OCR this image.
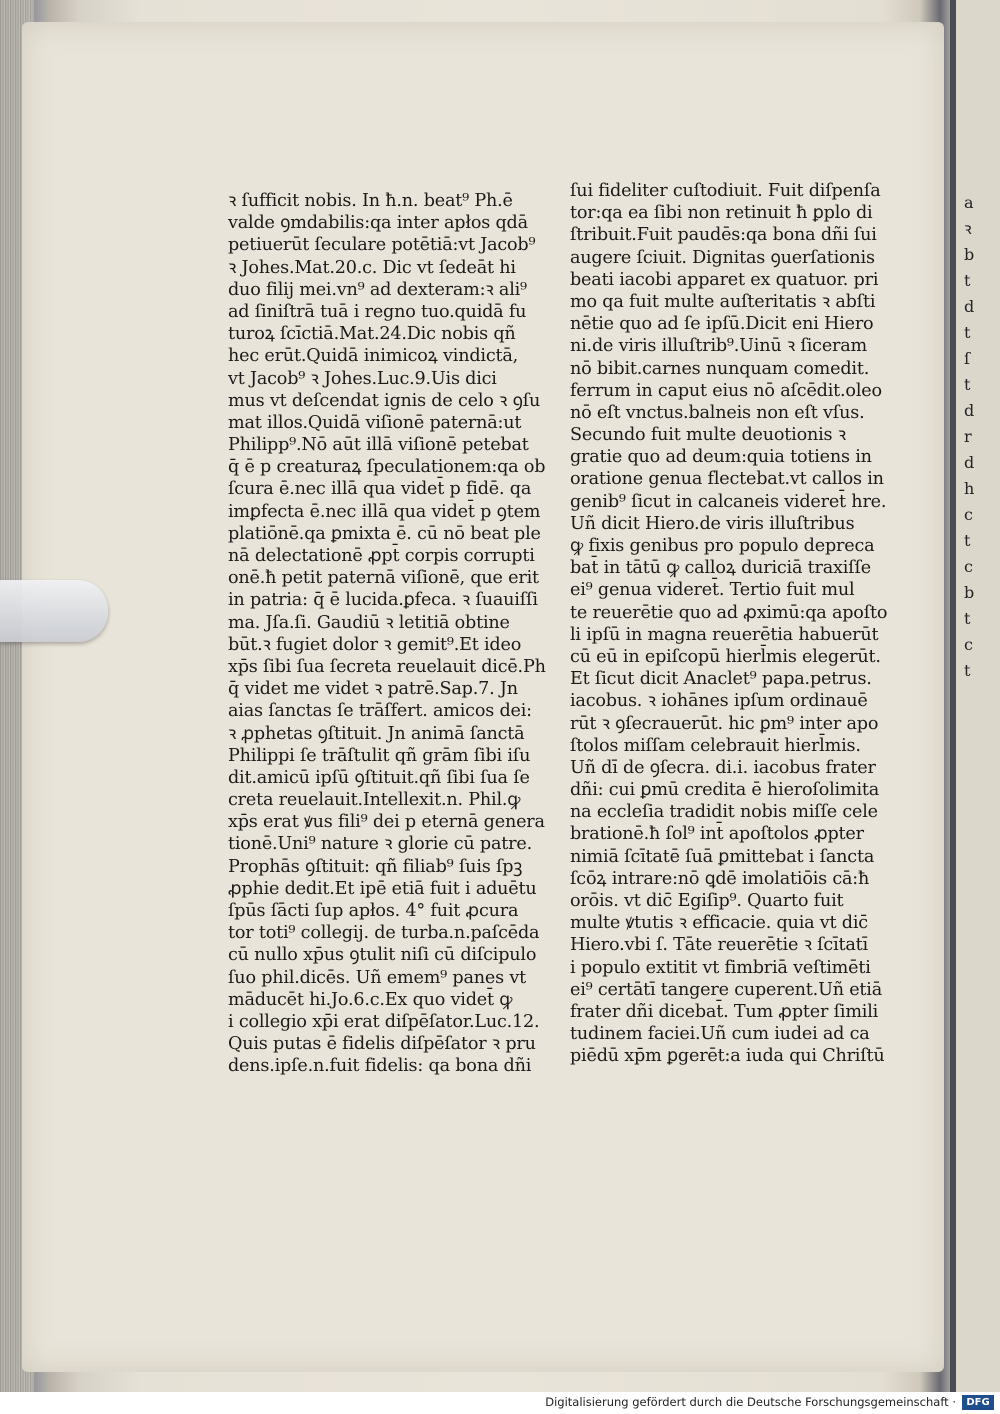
a
ꝛ
b
t
d
t
ſ
t
d
r
d
h
c
t
c
b
t
c
t
ꝛ ſufficit nobis. In ħ.n. beat⁹ Ph.ē
valde ꝯmdabilis:qa inter apłos qdā
petiuerūt ſeculare potētiā:vt Jacob⁹
ꝛ Johes.Mat.20.c. Dic vt ſedeāt hi
duo filij mei.vn⁹ ad dexteram:ꝛ ali⁹
ad ſiniſtrā tuā i regno tuo.quidā fu
turoꝝ ſcīctiā.Mat.24.Dic nobis qñ
hec erūt.Quidā inimicoꝝ vindictā,
vt Jacob⁹ ꝛ Johes.Luc.9.Uis dici
mus vt deſcendat ignis de celo ꝛ ꝯſu
mat illos.Quidā viſionē paternā:ut
Philipp⁹.Nō aūt illā viſionē petebat
q̄ ē p creaturaꝝ ſpeculationem:qa ob
ſcura ē.nec illā qua videt̄ p fidē. qa
imꝑfecta ē.nec illā qua videt̄ p ꝯtem
platiōnē.qa ꝑmixta ē. cū nō beat ple
nā delectationē ꝓpt̄ corpis corrupti
onē.ħ petit paternā viſionē, que erit
in patria: q̄ ē lucida.ꝑfeca. ꝛ ſuauiſſi
ma. Jſa.ſi. Gaudiū ꝛ letitiā obtine
būt.ꝛ fugiet dolor ꝛ gemit⁹.Et ideo
xp̄s ſibi ſua ſecreta reuelauit dicē.Ph
q̄ videt me videt ꝛ patrē.Sap.7. Jn
aias ſanctas ſe trāſfert. amicos dei:
ꝛ ꝓphetas ꝯſtituit. Jn animā ſanctā
Philippi ſe trāſtulit qñ grām ſibi iſu
dit.amicū ipſū ꝯſtituit.qñ ſibi ſua ſe
creta reuelauit.Intellexit.n. Phil.ꝙ
xp̄s erat ꝟus fili⁹ dei p eternā genera
tionē.Uni⁹ nature ꝛ glorie cū patre.
Prophās ꝯſtituit: qñ filiab⁹ ſuis ſpꝫ
ꝓphie dedit.Et ipē etiā fuit i aduētu
ſpūs ſācti ſup apłos. 4° fuit ꝓcura
tor toti⁹ collegij. de turba.n.paſcēda
cū nullo xp̄us ꝯtulit niſi cū diſcipulo
ſuo phil.dicēs. Uñ emem⁹ panes vt
māducēt hi.Jo.6.c.Ex quo videt̄ ꝙ
i collegio xp̄i erat diſpēſator.Luc.12.
Quis putas ē fidelis diſpēſator ꝛ pru
dens.ipſe.n.fuit fidelis: qa bona dñi
ſui fideliter cuſtodiuit. Fuit diſpenſa
tor:qa ea ſibi non retinuit ħ ꝑplo di
ſtribuit.Fuit paudēs:qa bona dñi ſui
augere ſciuit. Dignitas ꝯuerſationis
beati iacobi apparet ex quatuor. pri
mo qa fuit multe auſteritatis ꝛ abſti
nētie quo ad ſe ipſū.Dicit eni Hiero
ni.de viris illuſtrib⁹.Uinū ꝛ ſiceram
nō bibit.carnes nunquam comedit.
ferrum in caput eius nō aſcēdit.oleo
nō eſt vnctus.balneis non eſt vſus.
Secundo fuit multe deuotionis ꝛ
gratie quo ad deum:quia totiens in
oratione genua flectebat.vt callos in
genib⁹ ſicut in calcaneis videret̄ hre.
Uñ dicit Hiero.de viris illuſtribus
ꝙ fixis genibus pro populo depreca
bat̄ in tātū ꝙ calloꝝ duriciā traxiſſe
ei⁹ genua videret̄. Tertio fuit mul
te reuerētie quo ad ꝓximū:qa apoſto
li ipſū in magna reuerētia habuerūt
cū eū in epiſcopū hierl̄mis elegerūt.
Et ſicut dicit Anaclet⁹ papa.petrus.
iacobus. ꝛ iohānes ipſum ordinauē
rūt ꝛ ꝯſecrauerūt. hic ꝑm⁹ inter apo
ſtolos miſſam celebrauit hierl̄mis.
Uñ dī de ꝯſecra. di.i. iacobus frater
dñi: cui ꝑmū credita ē hieroſolimita
na eccleſia tradidit nobis miſſe cele
brationē.ħ ſol⁹ int̄ apoſtolos ꝓpter
nimiā ſcītatē ſuā ꝑmittebat i ſancta
ſcōꝝ intrare:nō ꝗdē imolatiōis cā:ħ
orōis. vt dic̄ Egiſip⁹. Quarto fuit
multe ꝟtutis ꝛ efficacie. quia vt dic̄
Hiero.vbi ſ. Tāte reuerētie ꝛ ſcītatī
i populo extitit vt fimbriā veſtimēti
ei⁹ certātī tangere cuperent.Uñ etiā
frater dñi dicebat̄. Tum ꝓpter ſimili
tudinem faciei.Uñ cum iudei ad ca
piēdū xp̄m ꝑgerēt:a iuda qui Chriſtū
Digitalisierung gefördert durch die Deutsche Forschungsgemeinschaft ·	DFG
